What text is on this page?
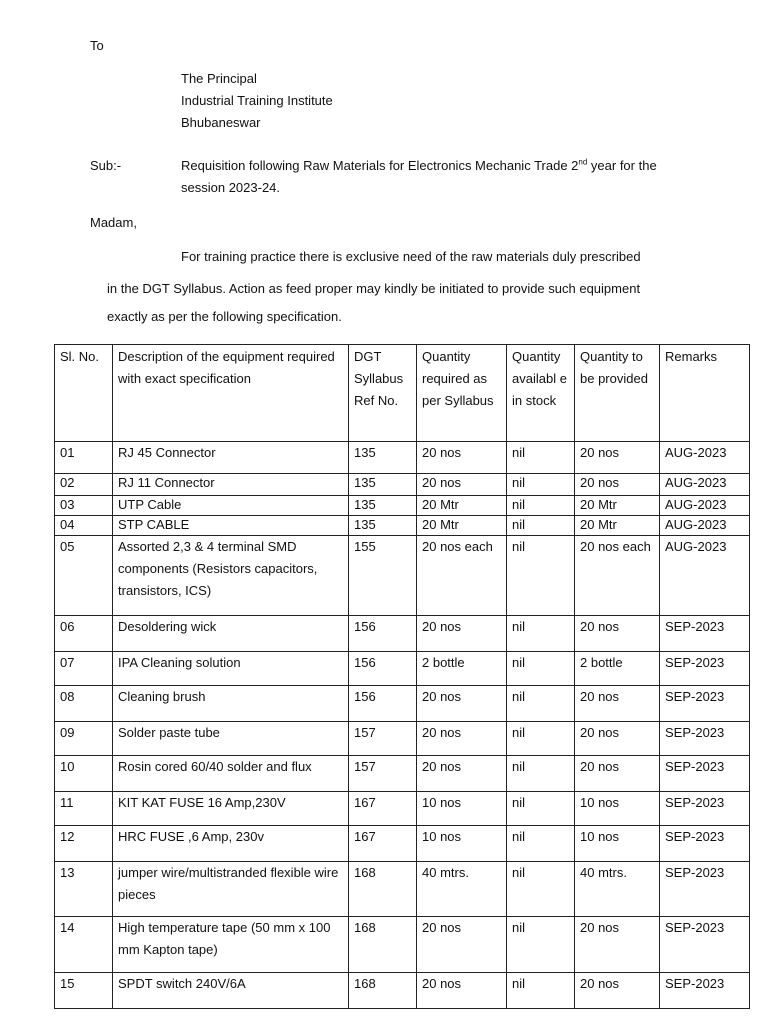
To
The Principal
Industrial Training Institute
Bhubaneswar
Sub:-	Requisition following Raw Materials for Electronics Mechanic Trade 2nd year for the session 2023-24.
Madam,
For training practice there is exclusive need of the raw materials duly prescribed
in the DGT Syllabus. Action as feed proper may kindly be initiated to provide such equipment
exactly as per the following specification.
Sl. No.	Description of the equipment required with exact specification	DGT Syllabus Ref No.	Quantity required as per Syllabus	Quantity availabl e in stock	Quantity to be provided	Remarks
01	RJ 45 Connector	135	20 nos	nil	20 nos	AUG-2023
02	RJ 11 Connector	135	20 nos	nil	20 nos	AUG-2023
03	UTP Cable	135	20 Mtr	nil	20 Mtr	AUG-2023
04	STP CABLE	135	20 Mtr	nil	20 Mtr	AUG-2023
05	Assorted 2,3 & 4 terminal SMD components (Resistors capacitors, transistors, ICS)	155	20 nos each	nil	20 nos each	AUG-2023
06	Desoldering wick	156	20 nos	nil	20 nos	SEP-2023
07	IPA Cleaning solution	156	2 bottle	nil	2 bottle	SEP-2023
08	Cleaning brush	156	20 nos	nil	20 nos	SEP-2023
09	Solder paste tube	157	20 nos	nil	20 nos	SEP-2023
10	Rosin cored 60/40 solder and flux	157	20 nos	nil	20 nos	SEP-2023
11	KIT KAT FUSE 16 Amp,230V	167	10 nos	nil	10 nos	SEP-2023
12	HRC FUSE ,6 Amp, 230v	167	10 nos	nil	10 nos	SEP-2023
13	jumper wire/multistranded flexible wire pieces	168	40 mtrs.	nil	40 mtrs.	SEP-2023
14	High temperature tape (50 mm x 100 mm Kapton tape)	168	20 nos	nil	20 nos	SEP-2023
15	SPDT switch 240V/6A	168	20 nos	nil	20 nos	SEP-2023
